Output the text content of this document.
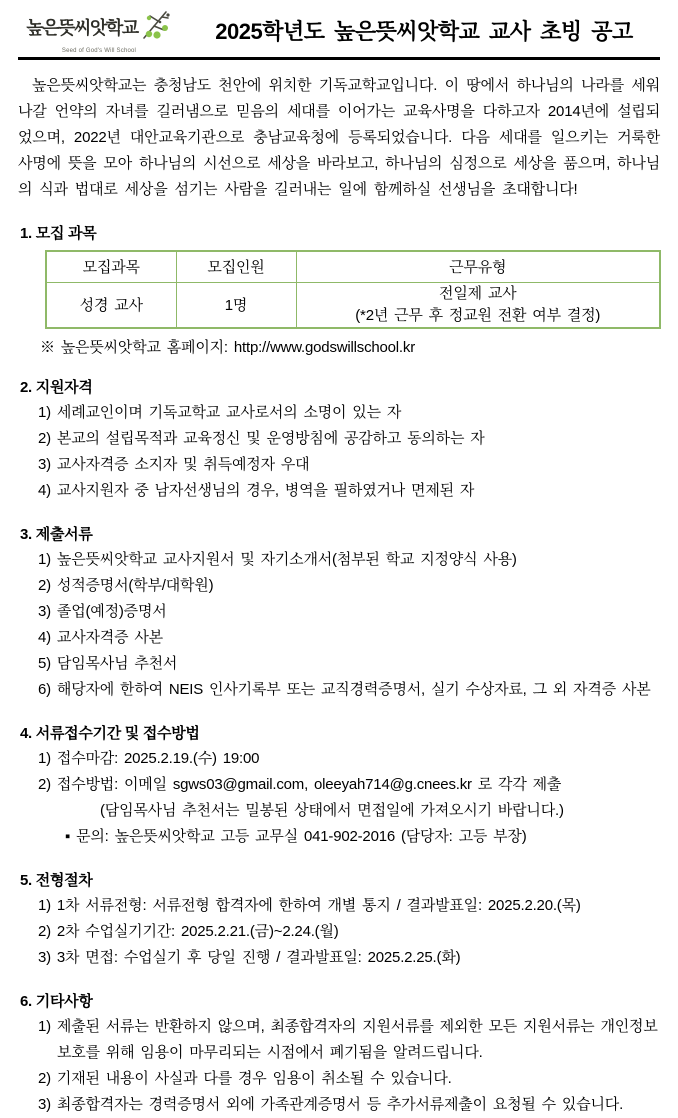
높은뜻씨앗학교
Seed of God's Will School
2025학년도 높은뜻씨앗학교 교사 초빙 공고

높은뜻씨앗학교는 충청남도 천안에 위치한 기독교학교입니다. 이 땅에서 하나님의 나라를 세워나갈 언약의 자녀를 길러냄으로 믿음의 세대를 이어가는 교육사명을 다하고자 2014년에 설립되었으며, 2022년 대안교육기관으로 충남교육청에 등록되었습니다. 다음 세대를 일으키는 거룩한 사명에 뜻을 모아 하나님의 시선으로 세상을 바라보고, 하나님의 심정으로 세상을 품으며, 하나님의 식과 법대로 세상을 섬기는 사람을 길러내는 일에 함께하실 선생님을 초대합니다!

1. 모집 과목
모집과목	모집인원	근무유형
성경 교사	1명	전일제 교사
(*2년 근무 후 정교원 전환 여부 결정)
※ 높은뜻씨앗학교 홈페이지: http://www.godswillschool.kr
2. 지원자격
1) 세례교인이며 기독교학교 교사로서의 소명이 있는 자
2) 본교의 설립목적과 교육정신 및 운영방침에 공감하고 동의하는 자
3) 교사자격증 소지자 및 취득예정자 우대
4) 교사지원자 중 남자선생님의 경우, 병역을 필하였거나 면제된 자
3. 제출서류
1) 높은뜻씨앗학교 교사지원서 및 자기소개서(첨부된 학교 지정양식 사용)
2) 성적증명서(학부/대학원)
3) 졸업(예정)증명서
4) 교사자격증 사본
5) 담임목사님 추천서
6) 해당자에 한하여 NEIS 인사기록부 또는 교직경력증명서, 실기 수상자료, 그 외 자격증 사본
4. 서류접수기간 및 접수방법
1) 접수마감: 2025.2.19.(수) 19:00
2) 접수방법: 이메일 sgws03@gmail.com, oleeyah714@g.cnees.kr 로 각각 제출
(담임목사님 추천서는 밀봉된 상태에서 면접일에 가져오시기 바랍니다.)
▪ 문의: 높은뜻씨앗학교 고등 교무실 041-902-2016 (담당자: 고등 부장)
5. 전형절차
1) 1차 서류전형: 서류전형 합격자에 한하여 개별 통지 / 결과발표일: 2025.2.20.(목)
2) 2차 수업실기기간: 2025.2.21.(금)~2.24.(월)
3) 3차 면접: 수업실기 후 당일 진행 / 결과발표일: 2025.2.25.(화)
6. 기타사항
1) 제출된 서류는 반환하지 않으며, 최종합격자의 지원서류를 제외한 모든 지원서류는 개인정보 보호를 위해 임용이 마무리되는 시점에서 폐기됨을 알려드립니다.
2) 기재된 내용이 사실과 다를 경우 임용이 취소될 수 있습니다.
3) 최종합격자는 경력증명서 외에 가족관계증명서 등 추가서류제출이 요청될 수 있습니다.
